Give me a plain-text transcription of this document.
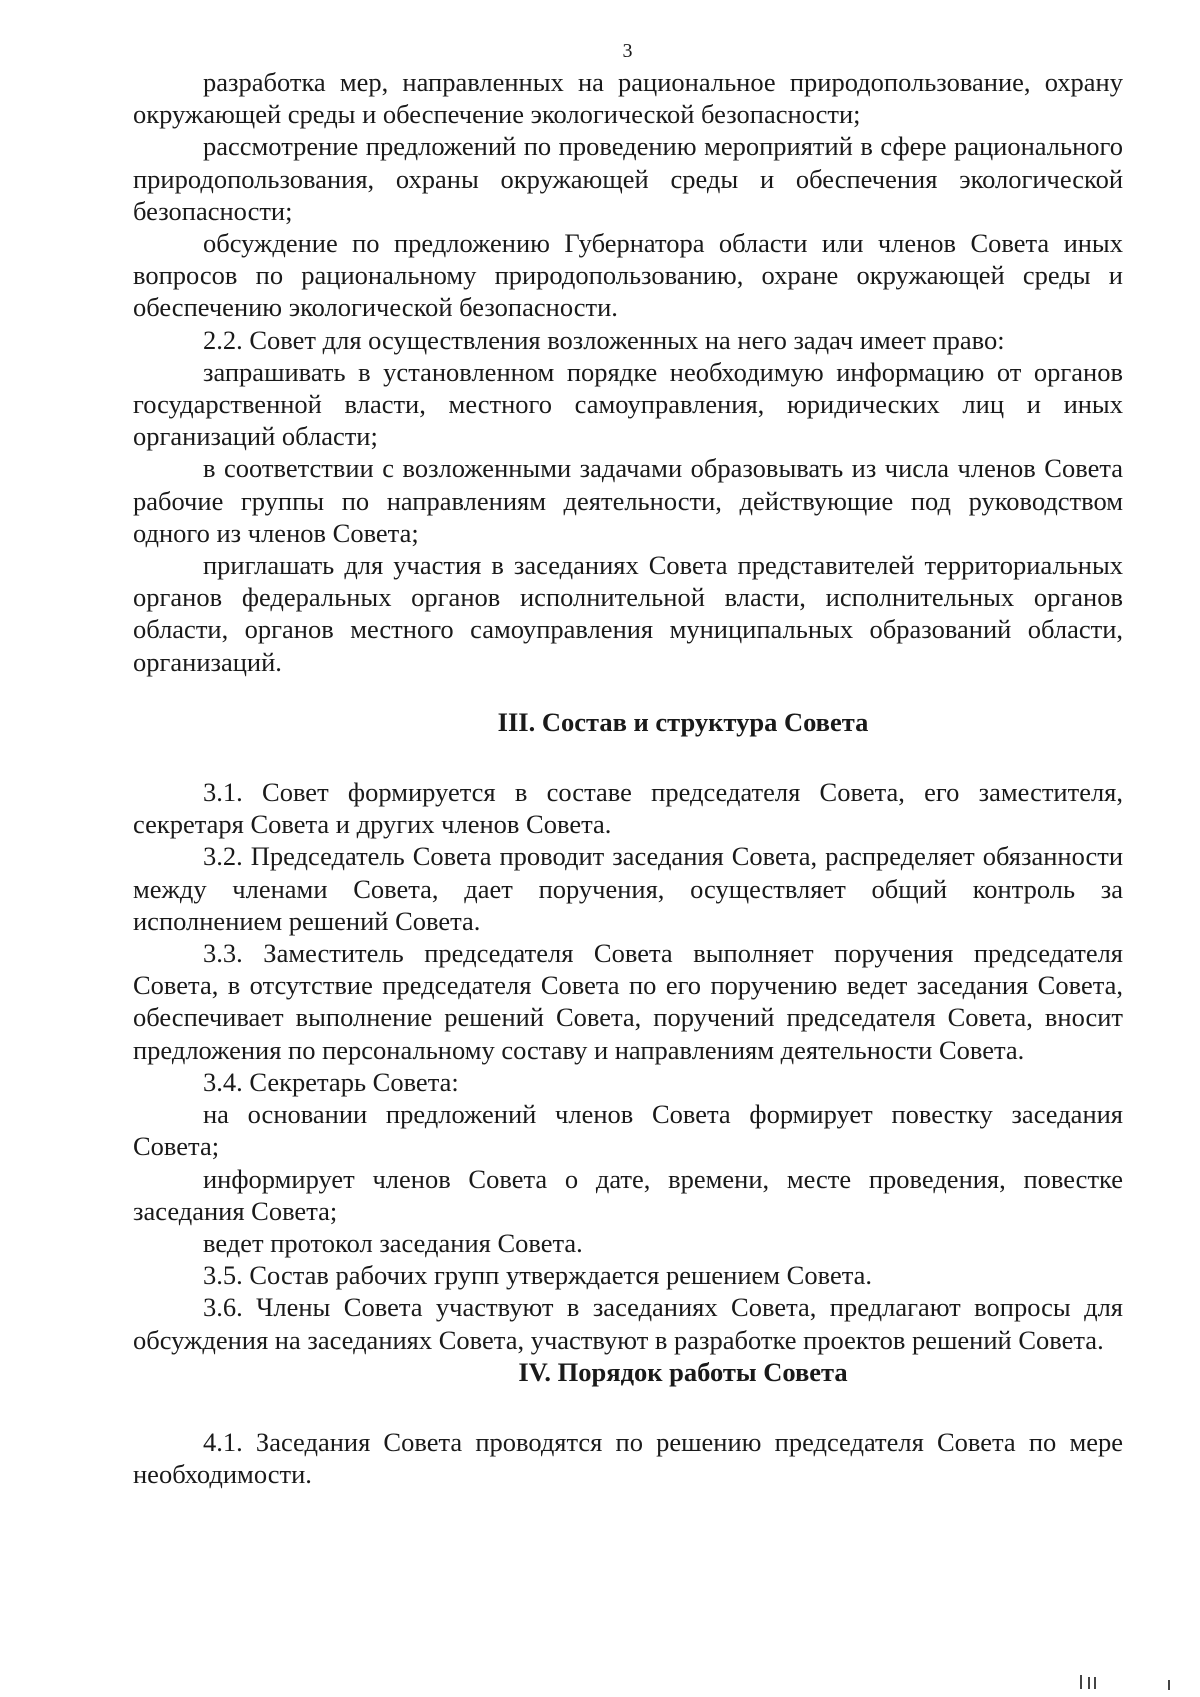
3

разработка мер, направленных на рациональное природопользование, охрану окружающей среды и обеспечение экологической безопасности;

рассмотрение предложений по проведению мероприятий в сфере рационального природопользования, охраны окружающей среды и обеспечения экологической безопасности;

обсуждение по предложению Губернатора области или членов Совета иных вопросов по рациональному природопользованию, охране окружающей среды и обеспечению экологической безопасности.

2.2. Совет для осуществления возложенных на него задач имеет право:

запрашивать в установленном порядке необходимую информацию от органов государственной власти, местного самоуправления, юридических лиц и иных организаций области;

в соответствии с возложенными задачами образовывать из числа членов Совета рабочие группы по направлениям деятельности, действующие под руководством одного из членов Совета;

приглашать для участия в заседаниях Совета представителей территориальных органов федеральных органов исполнительной власти, исполнительных органов области, органов местного самоуправления муниципальных образований области, организаций.

III. Состав и структура Совета

3.1. Совет формируется в составе председателя Совета, его заместителя, секретаря Совета и других членов Совета.

3.2. Председатель Совета проводит заседания Совета, распределяет обязанности между членами Совета, дает поручения, осуществляет общий контроль за исполнением решений Совета.

3.3. Заместитель председателя Совета выполняет поручения председателя Совета, в отсутствие председателя Совета по его поручению ведет заседания Совета, обеспечивает выполнение решений Совета, поручений председателя Совета, вносит предложения по персональному составу и направлениям деятельности Совета.

3.4. Секретарь Совета:

на основании предложений членов Совета формирует повестку заседания Совета;

информирует членов Совета о дате, времени, месте проведения, повестке заседания Совета;

ведет протокол заседания Совета.

3.5. Состав рабочих групп утверждается решением Совета.

3.6. Члены Совета участвуют в заседаниях Совета, предлагают вопросы для обсуждения на заседаниях Совета, участвуют в разработке проектов решений Совета.

IV. Порядок работы Совета

4.1. Заседания Совета проводятся по решению председателя Совета по мере необходимости.
